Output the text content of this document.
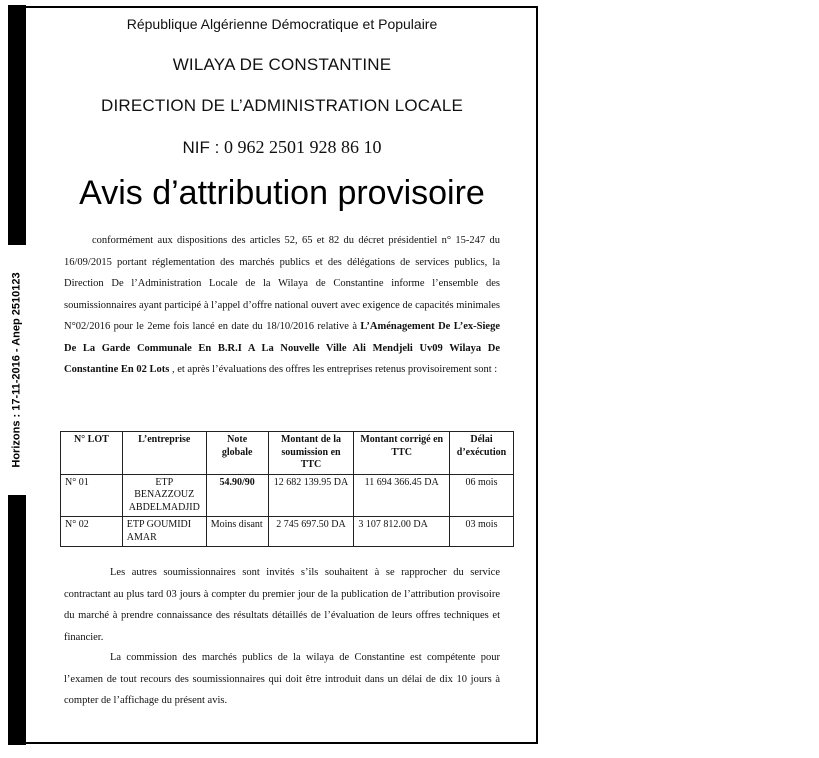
Horizons : 17-11-2016 - Anep 2510123
République Algérienne Démocratique et Populaire
WILAYA DE CONSTANTINE
DIRECTION DE L’ADMINISTRATION LOCALE
NIF : 0 962 2501 928 86 10
Avis d’attribution provisoire
conformément aux dispositions des articles 52, 65 et 82 du décret présidentiel n° 15-247 du 16/09/2015 portant réglementation des marchés publics et des délégations de services publics, la Direction De l’Administration Locale de la Wilaya de Constantine informe l’ensemble des soumissionnaires ayant participé à l’appel d’offre national ouvert avec exigence de capacités minimales N°02/2016 pour le 2eme fois lancé en date du 18/10/2016 relative à L’Aménagement De L’ex-Siege De La Garde Communale En B.R.I A La Nouvelle Ville Ali Mendjeli Uv09 Wilaya De Constantine En 02 Lots , et après l’évaluations des offres les entreprises retenus provisoirement sont :
N° LOT	L’entreprise	Note globale	Montant de la soumission en TTC	Montant corrigé en TTC	Délai d’exécution
N° 01	ETP BENAZZOUZ ABDELMADJID	54.90/90	12 682 139.95 DA	11 694 366.45 DA	06 mois
N° 02	ETP GOUMIDI AMAR	Moins disant	2 745 697.50 DA	3 107 812.00 DA	03 mois
Les autres soumissionnaires sont invités s’ils souhaitent à se rapprocher du service contractant au plus tard 03 jours à compter du premier jour de la publication de l’attribution provisoire du marché à prendre connaissance des résultats détaillés de l’évaluation de leurs offres techniques et financier.
La commission des marchés publics de la wilaya de Constantine est compétente pour l’examen de tout recours des soumissionnaires qui doit être introduit dans un délai de dix 10 jours à compter de l’affichage du présent avis.
